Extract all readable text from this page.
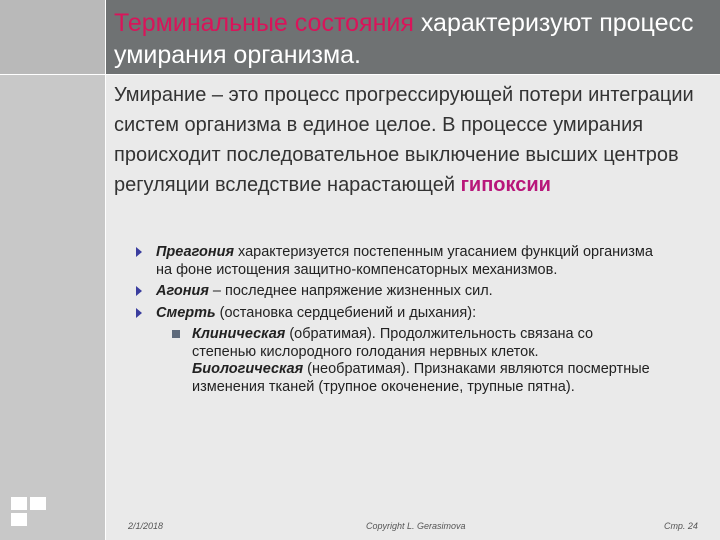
Терминальные состояния характеризуют процесс умирания организма.
Умирание – это процесс прогрессирующей потери интеграции систем организма в единое целое. В процессе умирания происходит последовательное выключение высших центров регуляции вследствие нарастающей гипоксии
Преагония характеризуется постепенным угасанием функций организма на фоне истощения защитно-компенсаторных механизмов.
Агония – последнее напряжение жизненных сил.
Смерть (остановка сердцебиений и дыхания):
Клиническая (обратимая). Продолжительность связана со степенью кислородного голодания нервных клеток.
Биологическая (необратимая). Признаками являются посмертные изменения тканей (трупное окоченение, трупные пятна).
2/1/2018	Copyright L. Gerasimova	Стр. 24
